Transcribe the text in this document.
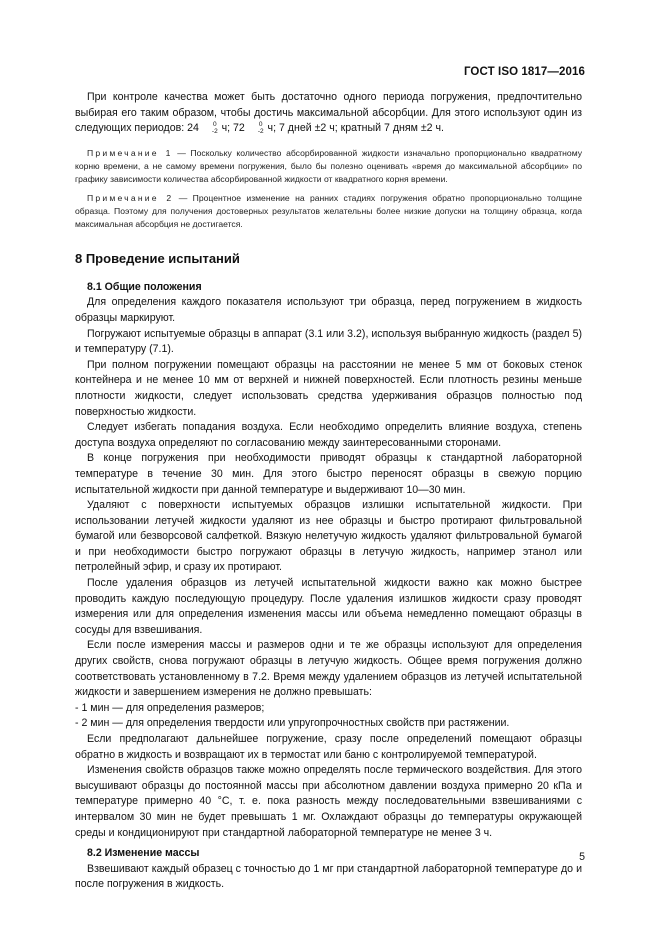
ГОСТ ISO 1817—2016

При контроле качества может быть достаточно одного периода погружения, предпочтительно выбирая его таким образом, чтобы достичь максимальной абсорбции. Для этого используют один из следующих периодов: 24	0
-2 ч; 72	0
-2 ч; 7 дней ±2 ч; кратный 7 дням ±2 ч.

Примечание 1 — Поскольку количество абсорбированной жидкости изначально пропорционально квадратному корню времени, а не самому времени погружения, было бы полезно оценивать «время до максимальной абсорбции» по графику зависимости количества абсорбированной жидкости от квадратного корня времени.

Примечание 2 — Процентное изменение на ранних стадиях погружения обратно пропорционально толщине образца. Поэтому для получения достоверных результатов желательны более низкие допуски на толщину образца, когда максимальная абсорбция не достигается.

8 Проведение испытаний

8.1 Общие положения

Для определения каждого показателя используют три образца, перед погружением в жидкость образцы маркируют.

Погружают испытуемые образцы в аппарат (3.1 или 3.2), используя выбранную жидкость (раздел 5) и температуру (7.1).

При полном погружении помещают образцы на расстоянии не менее 5 мм от боковых стенок контейнера и не менее 10 мм от верхней и нижней поверхностей. Если плотность резины меньше плотности жидкости, следует использовать средства удерживания образцов полностью под поверхностью жидкости.

Следует избегать попадания воздуха. Если необходимо определить влияние воздуха, степень доступа воздуха определяют по согласованию между заинтересованными сторонами.

В конце погружения при необходимости приводят образцы к стандартной лабораторной температуре в течение 30 мин. Для этого быстро переносят образцы в свежую порцию испытательной жидкости при данной температуре и выдерживают 10—30 мин.

Удаляют с поверхности испытуемых образцов излишки испытательной жидкости. При использовании летучей жидкости удаляют из нее образцы и быстро протирают фильтровальной бумагой или безворсовой салфеткой. Вязкую нелетучую жидкость удаляют фильтровальной бумагой и при необходимости быстро погружают образцы в летучую жидкость, например этанол или петролейный эфир, и сразу их протирают.

После удаления образцов из летучей испытательной жидкости важно как можно быстрее проводить каждую последующую процедуру. После удаления излишков жидкости сразу проводят измерения или для определения изменения массы или объема немедленно помещают образцы в сосуды для взвешивания.

Если после измерения массы и размеров одни и те же образцы используют для определения других свойств, снова погружают образцы в летучую жидкость. Общее время погружения должно соответствовать установленному в 7.2. Время между удалением образцов из летучей испытательной жидкости и завершением измерения не должно превышать:

- 1 мин — для определения размеров;

- 2 мин — для определения твердости или упругопрочностных свойств при растяжении.

Если предполагают дальнейшее погружение, сразу после определений помещают образцы обратно в жидкость и возвращают их в термостат или баню с контролируемой температурой.

Изменения свойств образцов также можно определять после термического воздействия. Для этого высушивают образцы до постоянной массы при абсолютном давлении воздуха примерно 20 кПа и температуре примерно 40 °С, т. е. пока разность между последовательными взвешиваниями с интервалом 30 мин не будет превышать 1 мг. Охлаждают образцы до температуры окружающей среды и кондиционируют при стандартной лабораторной температуре не менее 3 ч.

8.2 Изменение массы

Взвешивают каждый образец с точностью до 1 мг при стандартной лабораторной температуре до и после погружения в жидкость.

5
